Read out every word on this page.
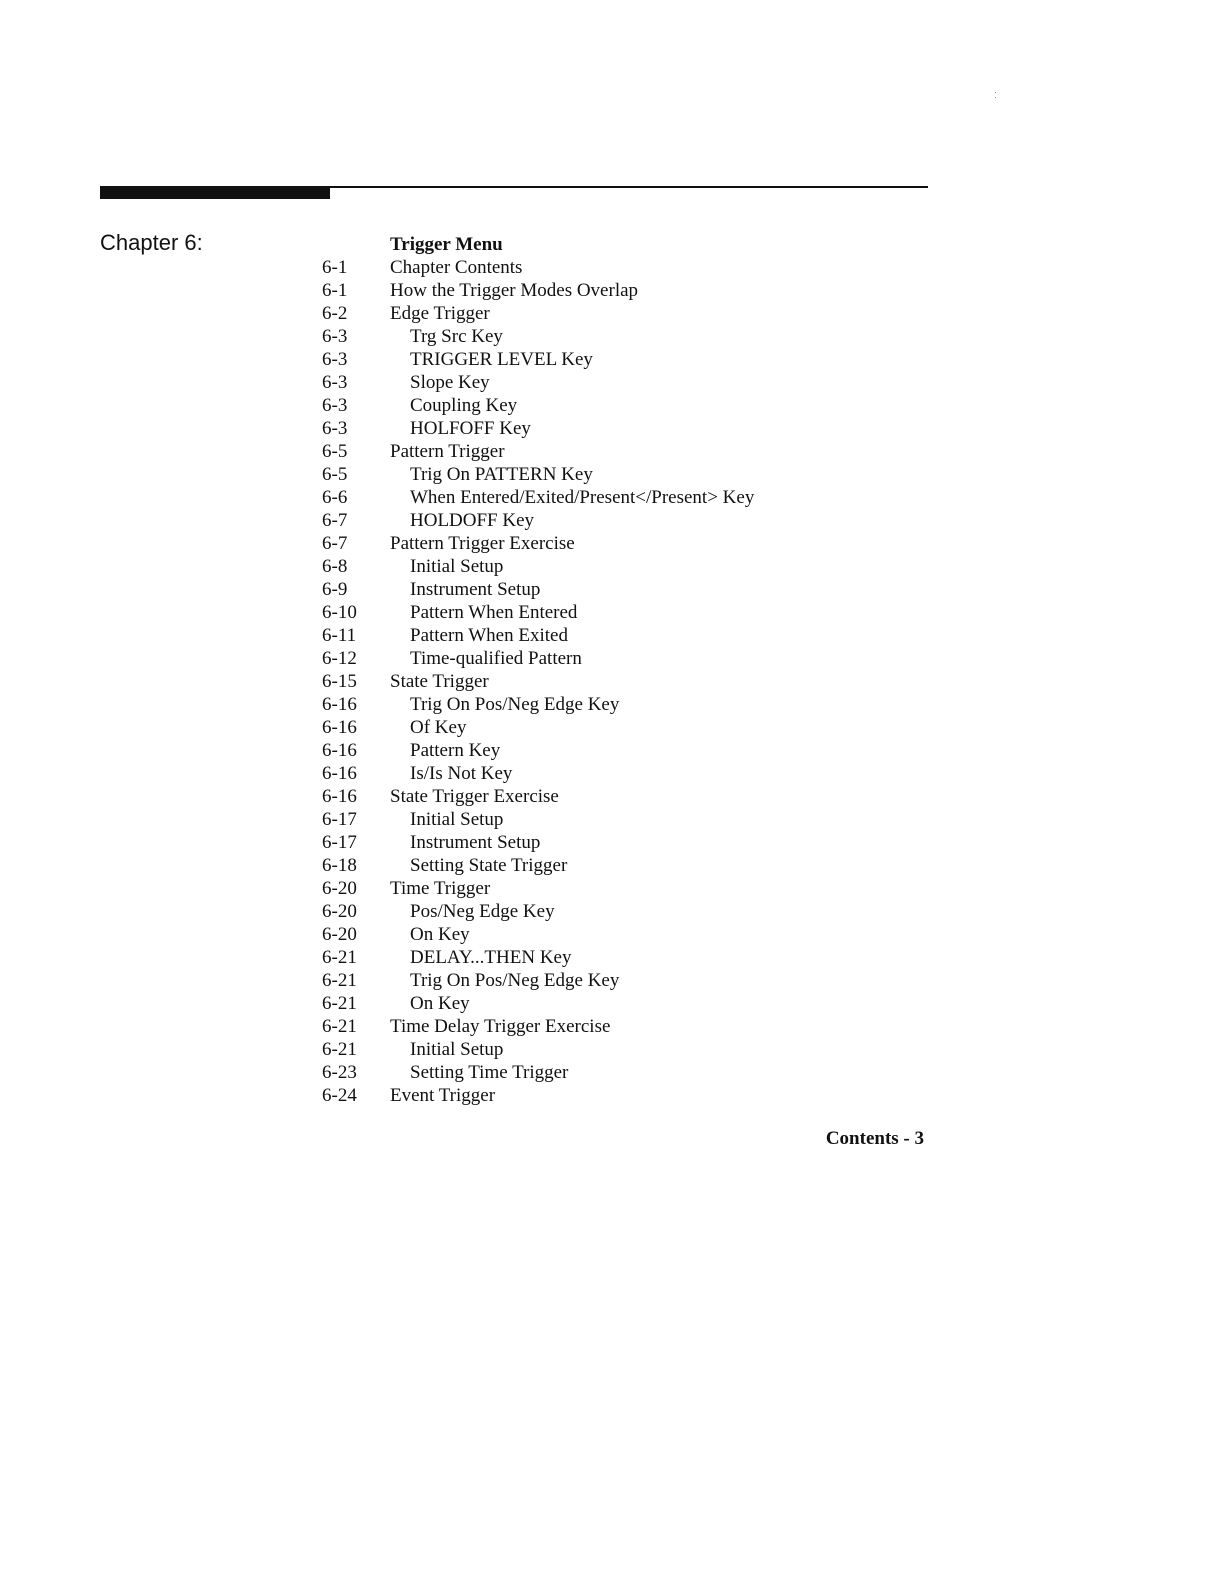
Chapter 6:	Trigger Menu
6-1	Chapter Contents
6-1	How the Trigger Modes Overlap
6-2	Edge Trigger
6-3	Trg Src Key
6-3	TRIGGER LEVEL Key
6-3	Slope Key
6-3	Coupling Key
6-3	HOLFOFF Key
6-5	Pattern Trigger
6-5	Trig On PATTERN Key
6-6	When Entered/Exited/Present</Present> Key
6-7	HOLDOFF Key
6-7	Pattern Trigger Exercise
6-8	Initial Setup
6-9	Instrument Setup
6-10	Pattern When Entered
6-11	Pattern When Exited
6-12	Time-qualified Pattern
6-15	State Trigger
6-16	Trig On Pos/Neg Edge Key
6-16	Of Key
6-16	Pattern Key
6-16	Is/Is Not Key
6-16	State Trigger Exercise
6-17	Initial Setup
6-17	Instrument Setup
6-18	Setting State Trigger
6-20	Time Trigger
6-20	Pos/Neg Edge Key
6-20	On Key
6-21	DELAY...THEN Key
6-21	Trig On Pos/Neg Edge Key
6-21	On Key
6-21	Time Delay Trigger Exercise
6-21	Initial Setup
6-23	Setting Time Trigger
6-24	Event Trigger
Contents - 3
